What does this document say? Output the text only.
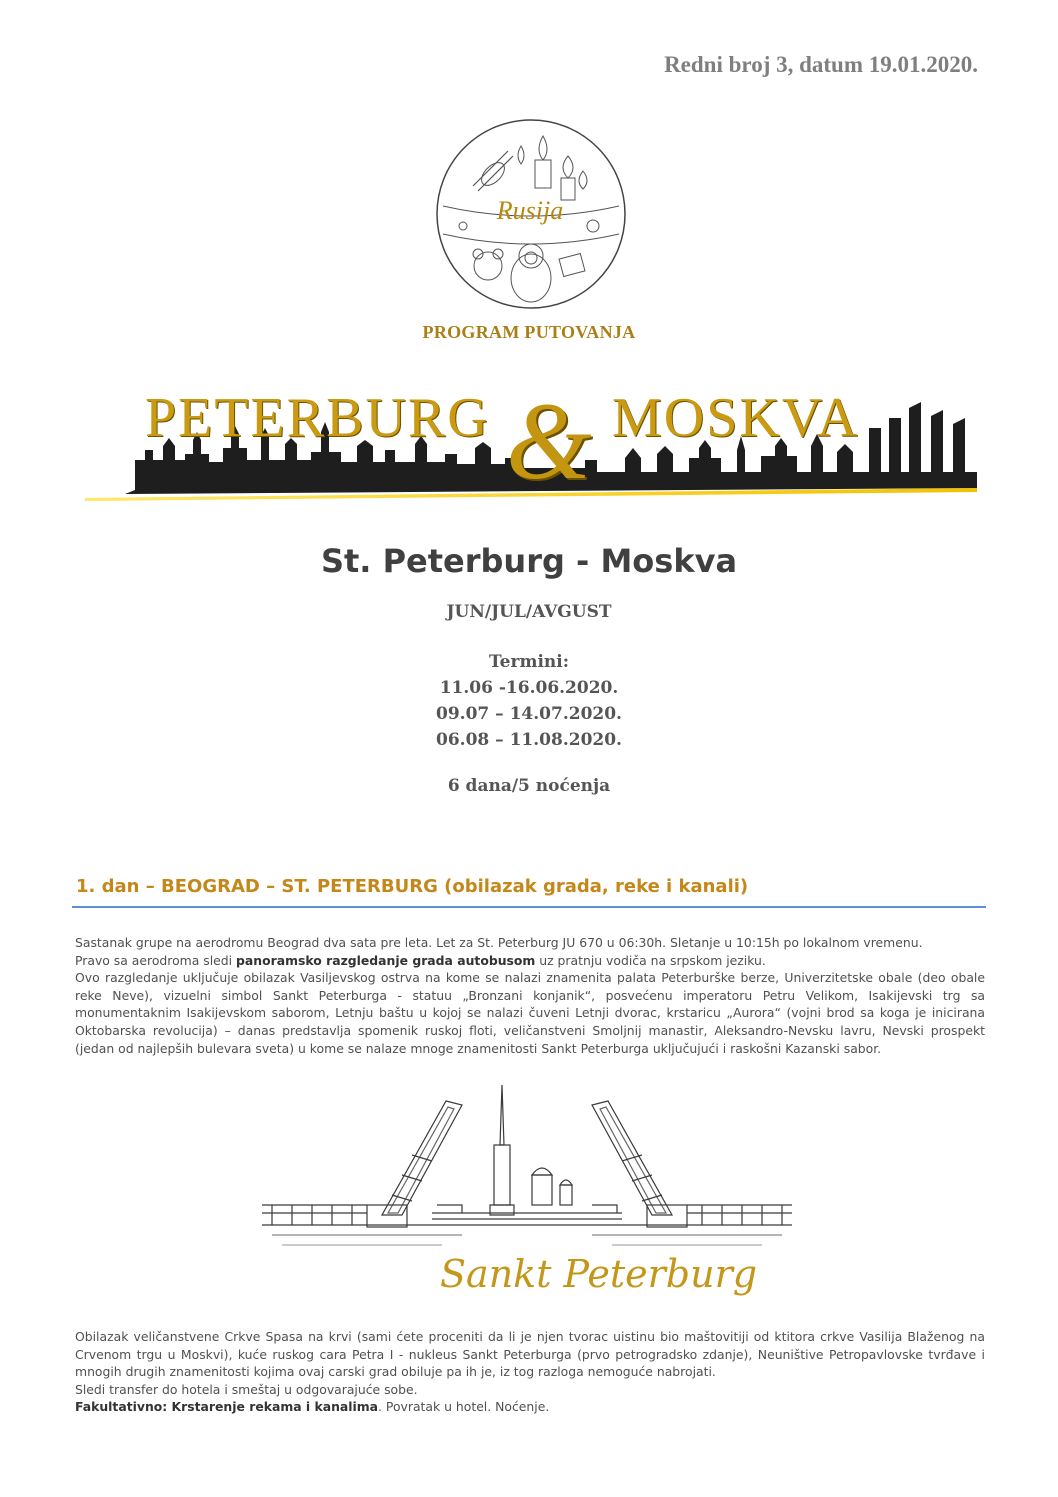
Redni broj 3, datum 19.01.2020.
Rusija
PROGRAM PUTOVANJA
PETERBURG & MOSKVA
St. Peterburg - Moskva
JUN/JUL/AVGUST
Termini:
11.06 -16.06.2020.
09.07 – 14.07.2020.
06.08 – 11.08.2020.
6 dana/5 noćenja
1. dan – BEOGRAD – ST. PETERBURG (obilazak grada, reke i kanali)
Sastanak grupe na aerodromu Beograd dva sata pre leta. Let za St. Peterburg JU 670 u 06:30h. Sletanje u 10:15h po lokalnom vremenu.
Pravo sa aerodroma sledi panoramsko razgledanje grada autobusom uz pratnju vodiča na srpskom jeziku.
Ovo razgledanje uključuje obilazak Vasiljevskog ostrva na kome se nalazi znamenita palata Peterburške berze, Univerzitetske obale (deo obale reke Neve), vizuelni simbol Sankt Peterburga - statuu „Bronzani konjanik“, posvećenu imperatoru Petru Velikom, Isakijevski trg sa monumentaknim Isakijevskom saborom, Letnju baštu u kojoj se nalazi čuveni Letnji dvorac, krstaricu „Aurora“ (vojni brod sa koga je inicirana Oktobarska revolucija) – danas predstavlja spomenik ruskoj floti, veličanstveni Smoljnij manastir, Aleksandro-Nevsku lavru, Nevski prospekt (jedan od najlepših bulevara sveta) u kome se nalaze mnoge znamenitosti Sankt Peterburga uključujući i raskošni Kazanski sabor.
Sankt Peterburg
Obilazak veličanstvene Crkve Spasa na krvi (sami ćete proceniti da li je njen tvorac uistinu bio maštovitiji od ktitora crkve Vasilija Blaženog na Crvenom trgu u Moskvi), kuće ruskog cara Petra I - nukleus Sankt Peterburga (prvo petrogradsko zdanje), Neuništive Petropavlovske tvrđave i mnogih drugih znamenitosti kojima ovaj carski grad obiluje pa ih je, iz tog razloga nemoguće nabrojati.
Sledi transfer do hotela i smeštaj u odgovarajuće sobe.
Fakultativno: Krstarenje rekama i kanalima. Povratak u hotel. Noćenje.
